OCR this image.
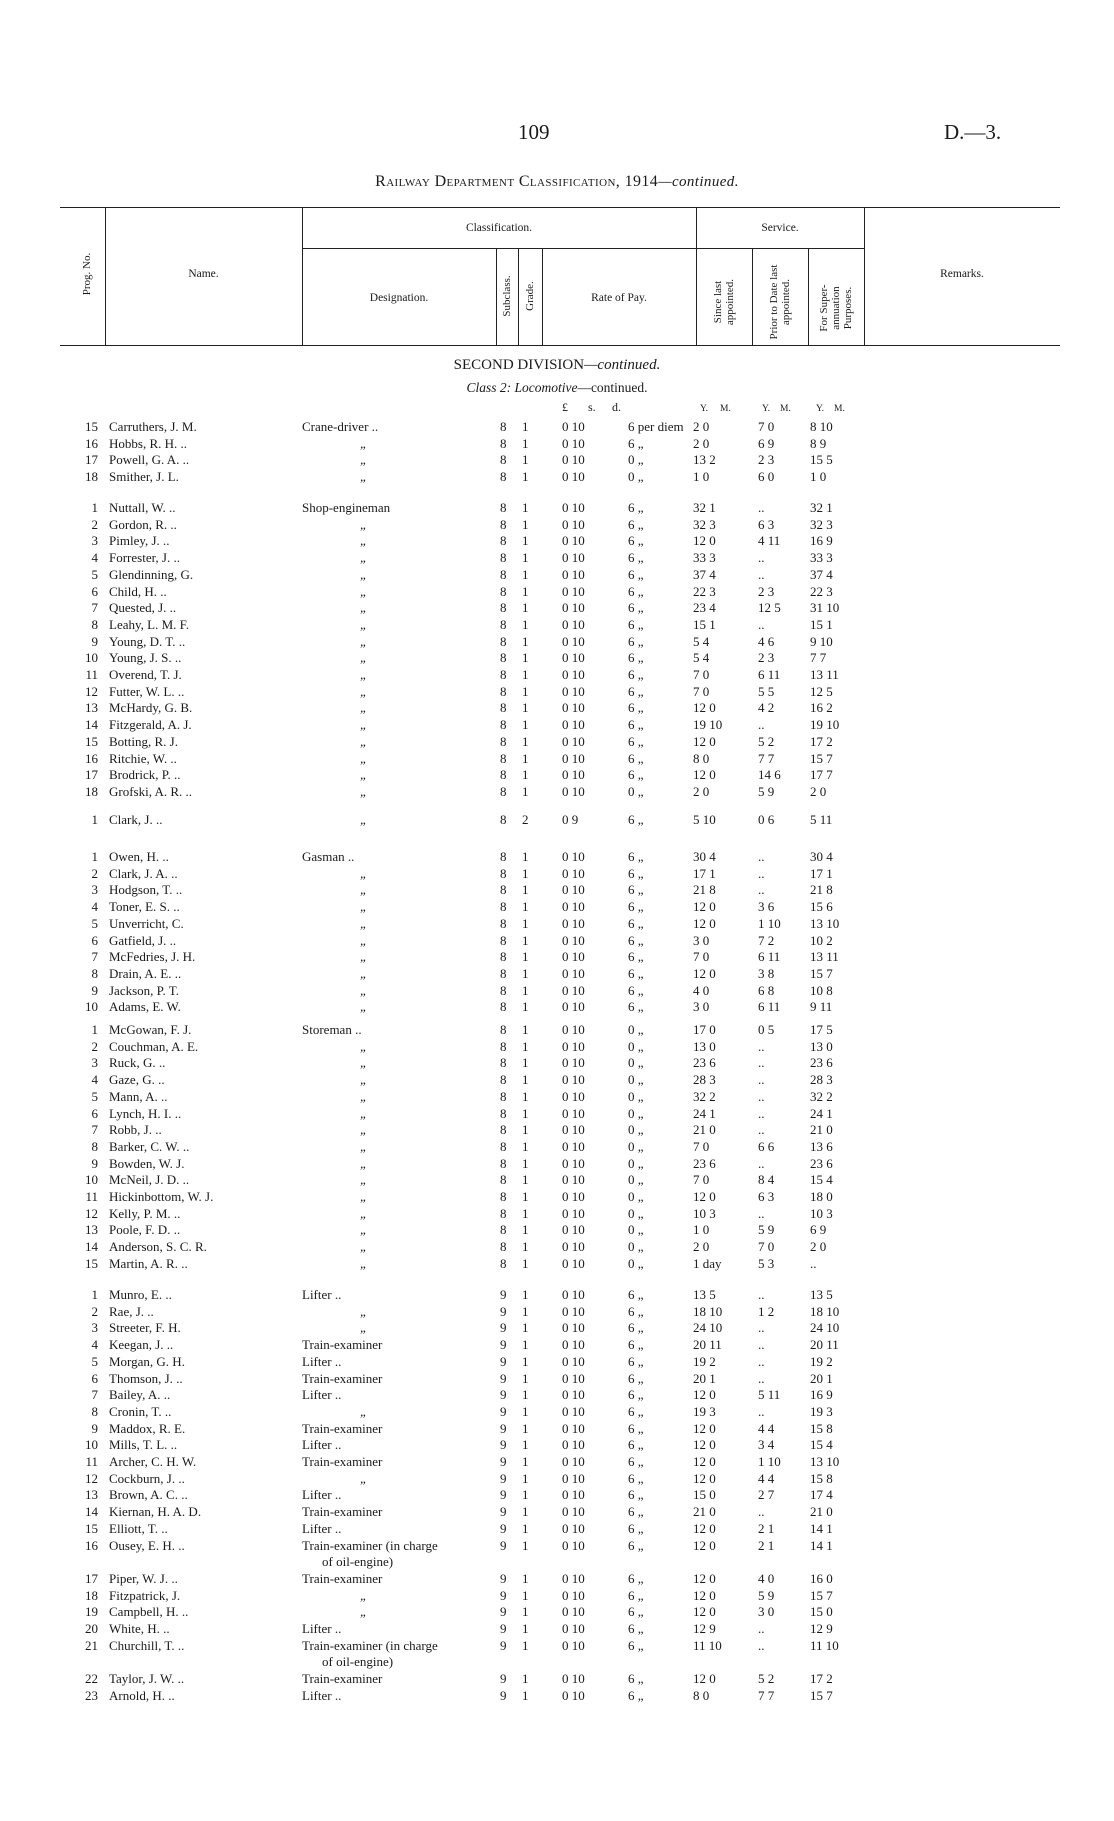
109	D.—3.
Railway Department Classification, 1914—continued.
Prog. No.	Name.
Classification.
Designation.	Subclass. Grade.	Rate of Pay.
Service.
Since last appointed.	Prior to Date last appointed. For Super-annuation Purposes.
Remarks.
SECOND DIVISION—continued.
Class 2: Locomotive—continued.
£ s. d.	Y. M.	Y. M.	Y. M.
15 Carruthers, J. M.	Crane-driver ..	8 1	0 10	6 per diem 2 0	7 0	8 10
16 Hobbs, R. H. ..	„	8 1	0 10	6 „	2 0	6 9	8 9
17 Powell, G. A. ..	„	8 1	0 10	0 „	13 2	2 3	15 5
18 Smither, J. L.	„	8 1	0 10	0 „	1 0	6 0	1 0
1 Nuttall, W. ..	Shop-engineman	8 1	0 10	6 „	32 1	..	32 1
2 Gordon, R. ..	„	8 1	0 10	6 „	32 3	6 3	32 3
3 Pimley, J. ..	„	8 1	0 10	6 „	12 0	4 11	16 9
4 Forrester, J. ..	„	8 1	0 10	6 „	33 3	..	33 3
5 Glendinning, G.	„	8 1	0 10	6 „	37 4	..	37 4
6 Child, H. ..	„	8 1	0 10	6 „	22 3	2 3	22 3
7 Quested, J. ..	„	8 1	0 10	6 „	23 4	12 5	31 10
8 Leahy, L. M. F.	„	8 1	0 10	6 „	15 1	..	15 1
9 Young, D. T. ..	„	8 1	0 10	6 „	5 4	4 6	9 10
10 Young, J. S. ..	„	8 1	0 10	6 „	5 4	2 3	7 7
11 Overend, T. J.	„	8 1	0 10	6 „	7 0	6 11	13 11
12 Futter, W. L. ..	„	8 1	0 10	6 „	7 0	5 5	12 5
13 McHardy, G. B.	„	8 1	0 10	6 „	12 0	4 2	16 2
14 Fitzgerald, A. J.	„	8 1	0 10	6 „	19 10	..	19 10
15 Botting, R. J.	„	8 1	0 10	6 „	12 0	5 2	17 2
16 Ritchie, W. ..	„	8 1	0 10	6 „	8 0	7 7	15 7
17 Brodrick, P. ..	„	8 1	0 10	6 „	12 0	14 6	17 7
18 Grofski, A. R. ..	„	8 1	0 10	0 „	2 0	5 9	2 0
1 Clark, J. ..	„	8 2	0 9	6 „	5 10	0 6	5 11
1 Owen, H. ..	Gasman ..	8 1	0 10	6 „	30 4	..	30 4
2 Clark, J. A. ..	„	8 1	0 10	6 „	17 1	..	17 1
3 Hodgson, T. ..	„	8 1	0 10	6 „	21 8	..	21 8
4 Toner, E. S. ..	„	8 1	0 10	6 „	12 0	3 6	15 6
5 Unverricht, C.	„	8 1	0 10	6 „	12 0	1 10	13 10
6 Gatfield, J. ..	„	8 1	0 10	6 „	3 0	7 2	10 2
7 McFedries, J. H.	„	8 1	0 10	6 „	7 0	6 11	13 11
8 Drain, A. E. ..	„	8 1	0 10	6 „	12 0	3 8	15 7
9 Jackson, P. T.	„	8 1	0 10	6 „	4 0	6 8	10 8
10 Adams, E. W.	„	8 1	0 10	6 „	3 0	6 11	9 11
1 McGowan, F. J.	Storeman ..	8 1	0 10	0 „	17 0	0 5	17 5
2 Couchman, A. E.	„	8 1	0 10	0 „	13 0	..	13 0
3 Ruck, G. ..	„	8 1	0 10	0 „	23 6	..	23 6
4 Gaze, G. ..	„	8 1	0 10	0 „	28 3	..	28 3
5 Mann, A. ..	„	8 1	0 10	0 „	32 2	..	32 2
6 Lynch, H. I. ..	„	8 1	0 10	0 „	24 1	..	24 1
7 Robb, J. ..	„	8 1	0 10	0 „	21 0	..	21 0
8 Barker, C. W. ..	„	8 1	0 10	0 „	7 0	6 6	13 6
9 Bowden, W. J.	„	8 1	0 10	0 „	23 6	..	23 6
10 McNeil, J. D. ..	„	8 1	0 10	0 „	7 0	8 4	15 4
11 Hickinbottom, W. J.	„	8 1	0 10	0 „	12 0	6 3	18 0
12 Kelly, P. M. ..	„	8 1	0 10	0 „	10 3	..	10 3
13 Poole, F. D. ..	„	8 1	0 10	0 „	1 0	5 9	6 9
14 Anderson, S. C. R.	„	8 1	0 10	0 „	2 0	7 0	2 0
15 Martin, A. R. ..	„	8 1	0 10	0 „	1 day	5 3	..
1 Munro, E. ..	Lifter ..	9 1	0 10	6 „	13 5	..	13 5
2 Rae, J. ..	„	9 1	0 10	6 „	18 10	1 2	18 10
3 Streeter, F. H.	„	9 1	0 10	6 „	24 10	..	24 10
4 Keegan, J. ..	Train-examiner	9 1	0 10	6 „	20 11	..	20 11
5 Morgan, G. H.	Lifter ..	9 1	0 10	6 „	19 2	..	19 2
6 Thomson, J. ..	Train-examiner	9 1	0 10	6 „	20 1	..	20 1
7 Bailey, A. ..	Lifter ..	9 1	0 10	6 „	12 0	5 11	16 9
8 Cronin, T. ..	„	9 1	0 10	6 „	19 3	..	19 3
9 Maddox, R. E.	Train-examiner	9 1	0 10	6 „	12 0	4 4	15 8
10 Mills, T. L. ..	Lifter ..	9 1	0 10	6 „	12 0	3 4	15 4
11 Archer, C. H. W.	Train-examiner	9 1	0 10	6 „	12 0	1 10	13 10
12 Cockburn, J. ..	„	9 1	0 10	6 „	12 0	4 4	15 8
13 Brown, A. C. ..	Lifter ..	9 1	0 10	6 „	15 0	2 7	17 4
14 Kiernan, H. A. D.	Train-examiner	9 1	0 10	6 „	21 0	..	21 0
15 Elliott, T. ..	Lifter ..	9 1	0 10	6 „	12 0	2 1	14 1
16 Ousey, E. H. ..	Train-examiner (in charge	9 1	0 10	6 „	12 0	2 1	14 1
of oil-engine)
17 Piper, W. J. ..	Train-examiner	9 1	0 10	6 „	12 0	4 0	16 0
18 Fitzpatrick, J.	„	9 1	0 10	6 „	12 0	5 9	15 7
19 Campbell, H. ..	„	9 1	0 10	6 „	12 0	3 0	15 0
20 White, H. ..	Lifter ..	9 1	0 10	6 „	12 9	..	12 9
21 Churchill, T. ..	Train-examiner (in charge	9 1	0 10	6 „	11 10	..	11 10
of oil-engine)
22 Taylor, J. W. ..	Train-examiner	9 1	0 10	6 „	12 0	5 2	17 2
23 Arnold, H. ..	Lifter ..	9 1	0 10	6 „	8 0	7 7	15 7
